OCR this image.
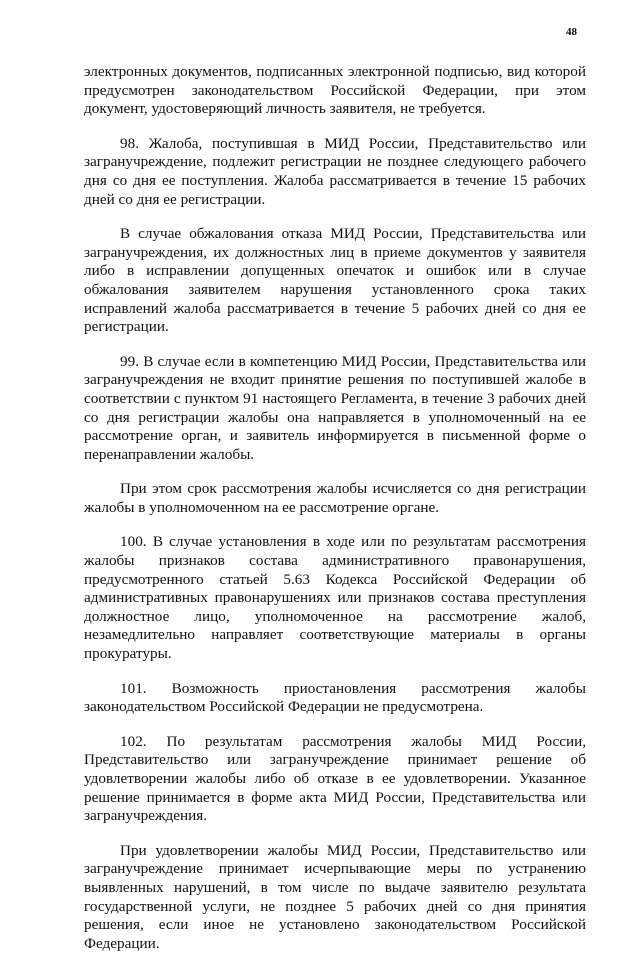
48

электронных документов, подписанных электронной подписью, вид которой предусмотрен законодательством Российской Федерации, при этом документ, удостоверяющий личность заявителя, не требуется.

98. Жалоба, поступившая в МИД России, Представительство или загранучреждение, подлежит регистрации не позднее следующего рабочего дня со дня ее поступления. Жалоба рассматривается в течение 15 рабочих дней со дня ее регистрации.

В случае обжалования отказа МИД России, Представительства или загранучреждения, их должностных лиц в приеме документов у заявителя либо в исправлении допущенных опечаток и ошибок или в случае обжалования заявителем нарушения установленного срока таких исправлений жалоба рассматривается в течение 5 рабочих дней со дня ее регистрации.

99. В случае если в компетенцию МИД России, Представительства или загранучреждения не входит принятие решения по поступившей жалобе в соответствии с пунктом 91 настоящего Регламента, в течение 3 рабочих дней со дня регистрации жалобы она направляется в уполномоченный на ее рассмотрение орган, и заявитель информируется в письменной форме о перенаправлении жалобы.

При этом срок рассмотрения жалобы исчисляется со дня регистрации жалобы в уполномоченном на ее рассмотрение органе.

100. В случае установления в ходе или по результатам рассмотрения жалобы признаков состава административного правонарушения, предусмотренного статьей 5.63 Кодекса Российской Федерации об административных правонарушениях или признаков состава преступления должностное лицо, уполномоченное на рассмотрение жалоб, незамедлительно направляет соответствующие материалы в органы прокуратуры.

101. Возможность приостановления рассмотрения жалобы законодательством Российской Федерации не предусмотрена.

102. По результатам рассмотрения жалобы МИД России, Представительство или загранучреждение принимает решение об удовлетворении жалобы либо об отказе в ее удовлетворении. Указанное решение принимается в форме акта МИД России, Представительства или загранучреждения.

При удовлетворении жалобы МИД России, Представительство или загранучреждение принимает исчерпывающие меры по устранению выявленных нарушений, в том числе по выдаче заявителю результата государственной услуги, не позднее 5 рабочих дней со дня принятия решения, если иное не установлено законодательством Российской Федерации.
